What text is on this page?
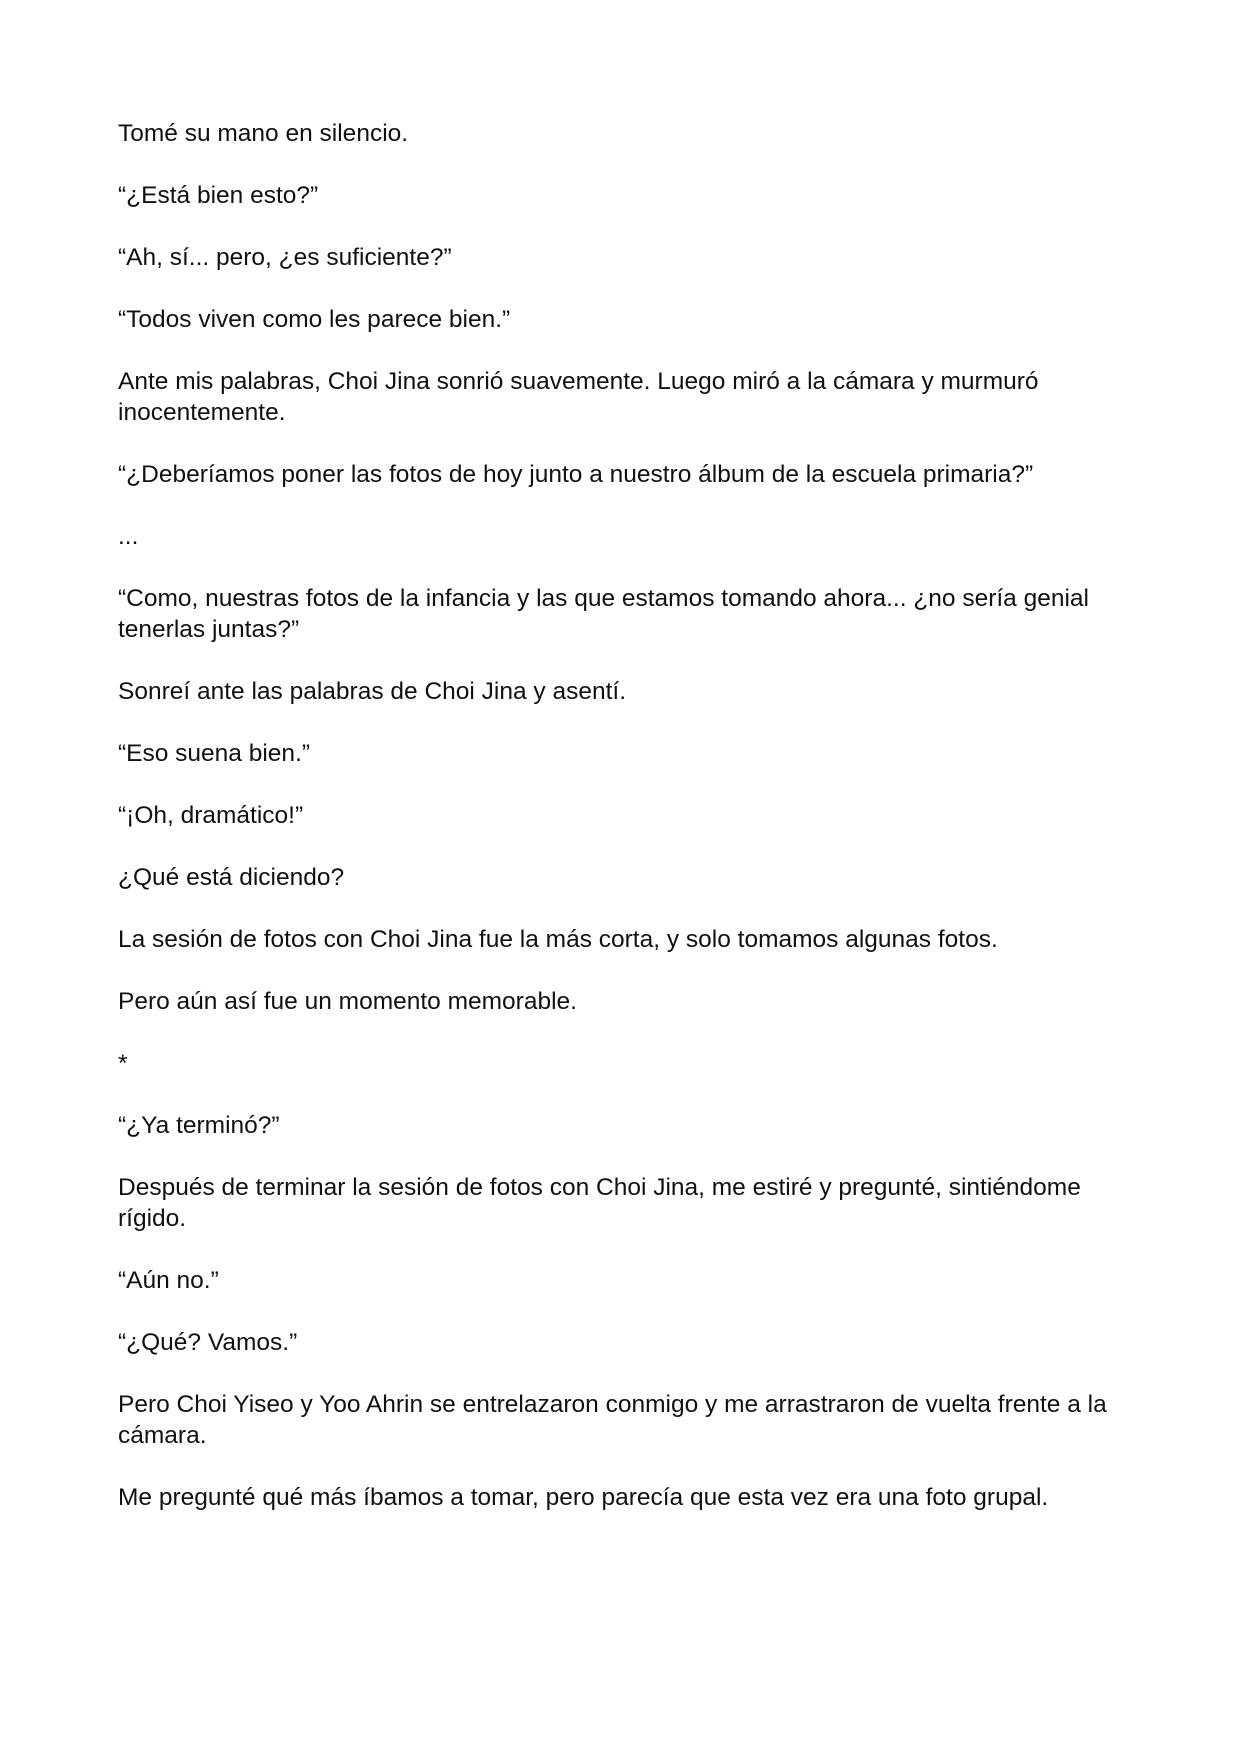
Tomé su mano en silencio.

“¿Está bien esto?”

“Ah, sí... pero, ¿es suficiente?”

“Todos viven como les parece bien.”

Ante mis palabras, Choi Jina sonrió suavemente. Luego miró a la cámara y murmuró inocentemente.

“¿Deberíamos poner las fotos de hoy junto a nuestro álbum de la escuela primaria?”

...

“Como, nuestras fotos de la infancia y las que estamos tomando ahora... ¿no sería genial tenerlas juntas?”

Sonreí ante las palabras de Choi Jina y asentí.

“Eso suena bien.”

“¡Oh, dramático!”

¿Qué está diciendo?

La sesión de fotos con Choi Jina fue la más corta, y solo tomamos algunas fotos.

Pero aún así fue un momento memorable.

*

“¿Ya terminó?”

Después de terminar la sesión de fotos con Choi Jina, me estiré y pregunté, sintiéndome rígido.

“Aún no.”

“¿Qué? Vamos.”

Pero Choi Yiseo y Yoo Ahrin se entrelazaron conmigo y me arrastraron de vuelta frente a la cámara.

Me pregunté qué más íbamos a tomar, pero parecía que esta vez era una foto grupal.
